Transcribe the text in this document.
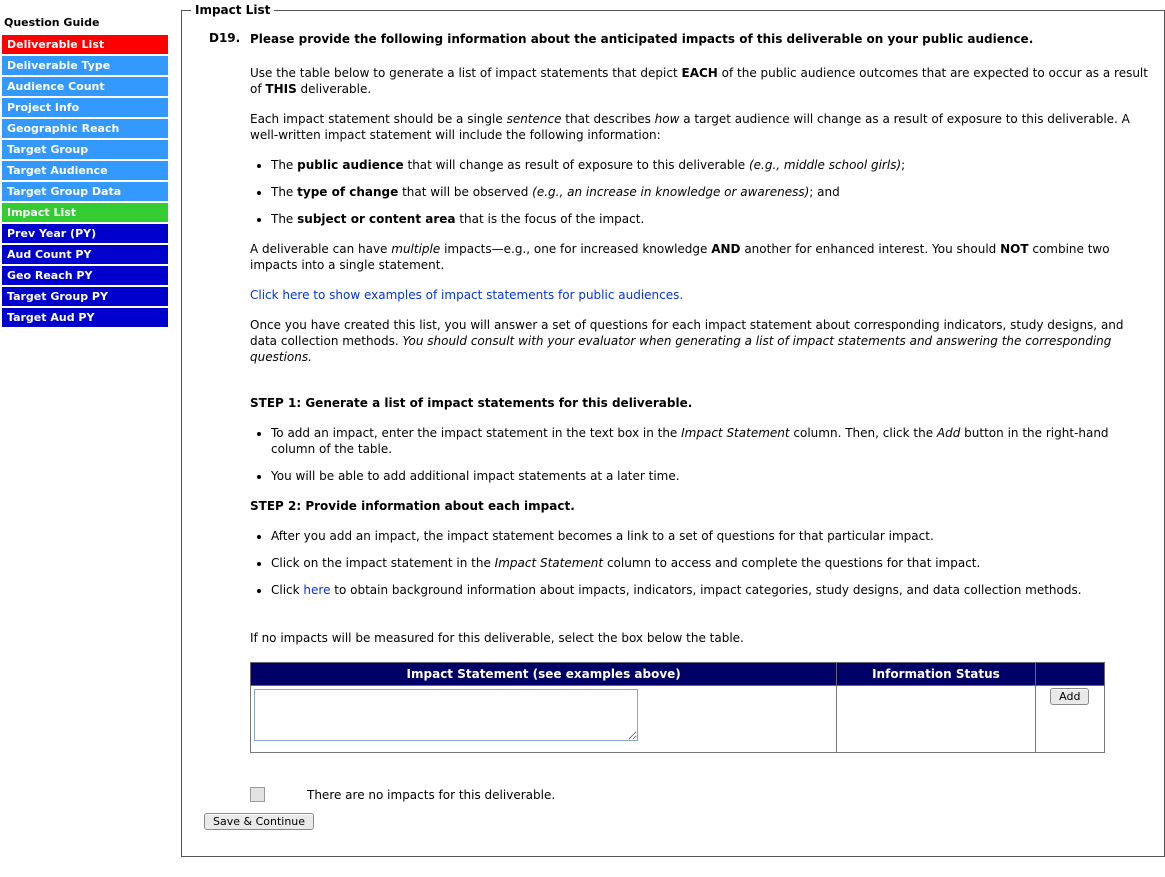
Question Guide
Deliverable List
Deliverable Type
Audience Count
Project Info
Geographic Reach
Target Group
Target Audience
Target Group Data
Impact List
Prev Year (PY)
Aud Count PY
Geo Reach PY
Target Group PY
Target Aud PY
Impact List
D19. Please provide the following information about the anticipated impacts of this deliverable on your public audience.

Use the table below to generate a list of impact statements that depict EACH of the public audience outcomes that are expected to occur as a result of THIS deliverable.

Each impact statement should be a single sentence that describes how a target audience will change as a result of exposure to this deliverable. A well-written impact statement will include the following information:

• The public audience that will change as result of exposure to this deliverable (e.g., middle school girls);
• The type of change that will be observed (e.g., an increase in knowledge or awareness); and
• The subject or content area that is the focus of the impact.

A deliverable can have multiple impacts—e.g., one for increased knowledge AND another for enhanced interest. You should NOT combine two impacts into a single statement.

Click here to show examples of impact statements for public audiences.

Once you have created this list, you will answer a set of questions for each impact statement about corresponding indicators, study designs, and data collection methods. You should consult with your evaluator when generating a list of impact statements and answering the corresponding questions.

STEP 1: Generate a list of impact statements for this deliverable.
• To add an impact, enter the impact statement in the text box in the Impact Statement column. Then, click the Add button in the right-hand column of the table.
• You will be able to add additional impact statements at a later time.
STEP 2: Provide information about each impact.
• After you add an impact, the impact statement becomes a link to a set of questions for that particular impact.
• Click on the impact statement in the Impact Statement column to access and complete the questions for that impact.
• Click here to obtain background information about impacts, indicators, impact categories, study designs, and data collection methods.
If no impacts will be measured for this deliverable, select the box below the table.
Impact Statement (see examples above)	Information Status	
		Add
There are no impacts for this deliverable.
Save & Continue
